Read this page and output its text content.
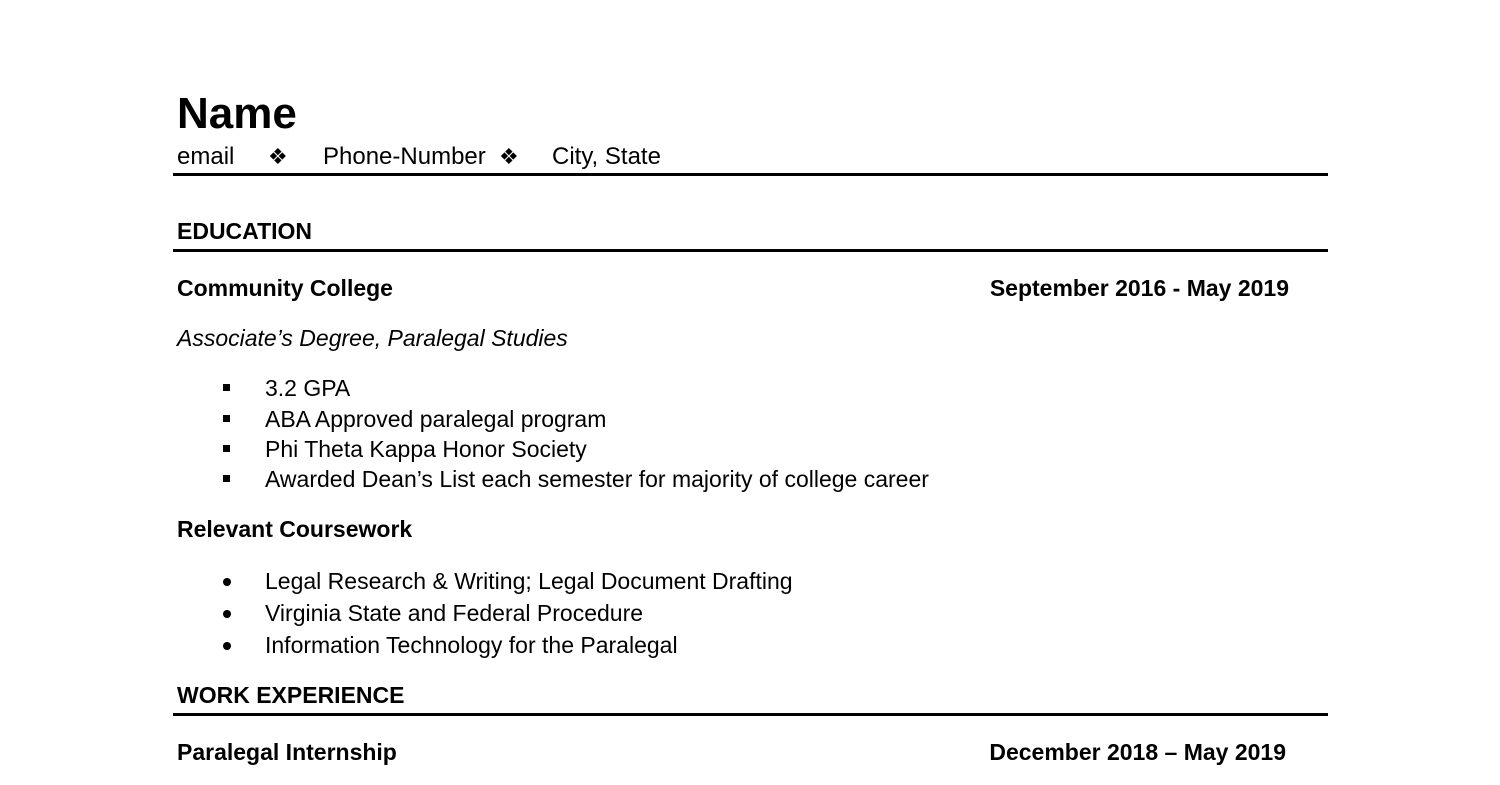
Name
email ❖ Phone-Number ❖ City, State
EDUCATION
Community College	September 2016 - May 2019
Associate’s Degree, Paralegal Studies
3.2 GPA
ABA Approved paralegal program
Phi Theta Kappa Honor Society
Awarded Dean’s List each semester for majority of college career
Relevant Coursework
Legal Research & Writing; Legal Document Drafting
Virginia State and Federal Procedure
Information Technology for the Paralegal
WORK EXPERIENCE
Paralegal Internship	December 2018 – May 2019
